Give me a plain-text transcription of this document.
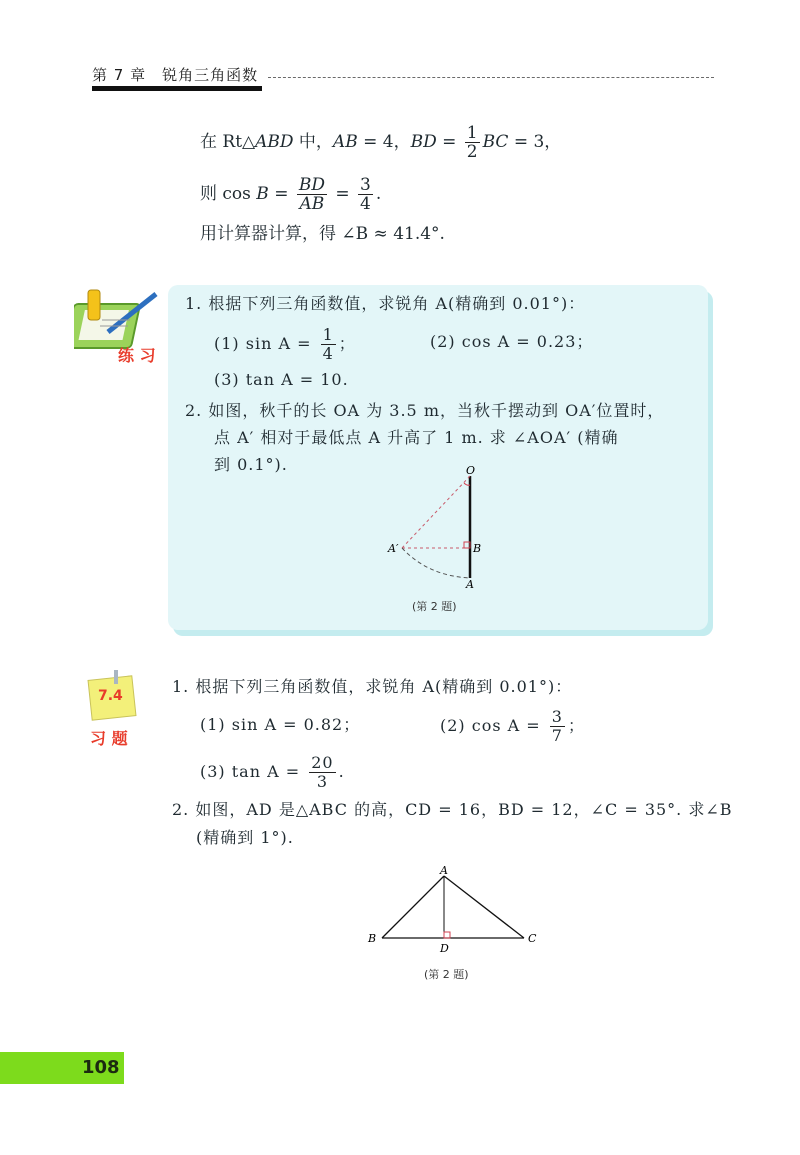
第 7 章　锐角三角函数
在 Rt△ABD 中，AB = 4，BD = $\frac{1}{2}$ BC = 3，
则 $\cos B = \frac{BD}{AB} = \frac{3}{4}$ .
用计算器计算，得 ∠B ≈ 41.4°.
练 习
1. 根据下列三角函数值，求锐角 A(精确到 0.01°)：
(1) $\sin A = \frac{1}{4}$ ；	(2) cos A = 0.23；
(3) tan A = 10.
2. 如图，秋千的长 OA 为 3.5 m，当秋千摆动到 OA′位置时，
点 A′ 相对于最低点 A 升高了 1 m. 求 ∠AOA′ (精确
到 0.1°).	O
A′	B
A
(第 2 题)
7.4
习 题
1. 根据下列三角函数值，求锐角 A(精确到 0.01°)：
(1) sin A = 0.82；	(2) $\cos A = \frac{3}{7}$ ；
(3) $\tan A = \frac{20}{3}$ .
2. 如图，AD 是△ABC 的高，CD = 16，BD = 12，∠C = 35°. 求∠B
(精确到 1°).
A
B
D
C
(第 2 题)
108
